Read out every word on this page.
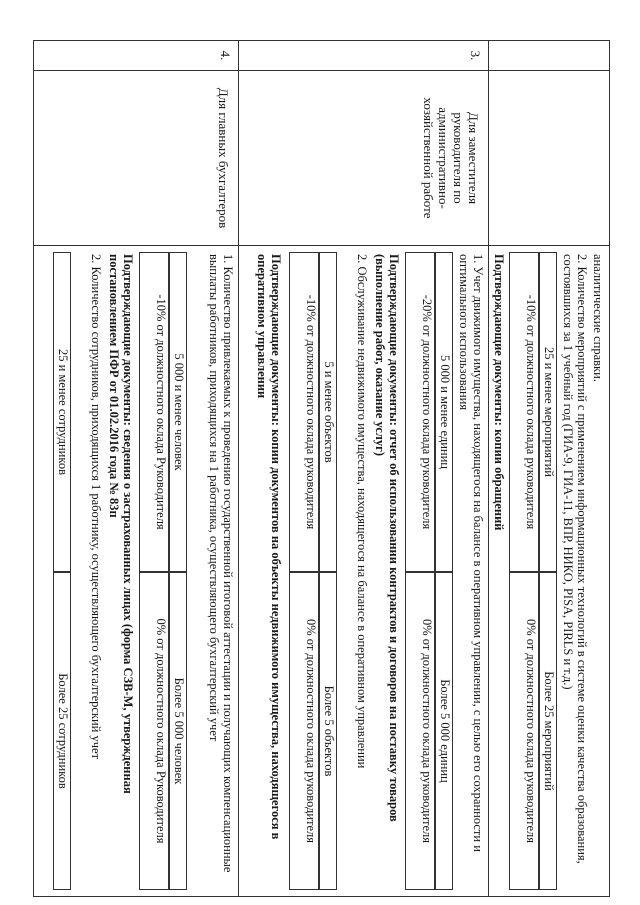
аналитические справки.
2. Количество мероприятий с применением информационных технологий в системе оценки качества образования, состоявшихся за 1 учебный год (ГИА-9, ГИА-11, ВПР, НИКО, PISA, PIRLS и т.д.)
25 и менее мероприятий
Более 25 мероприятий
-10% от должностного оклада руководителя
0% от должностного оклада руководителя
Подтверждающие документы: копии обращений
3.
Для заместителя руководителя по административно-хозяйственной работе
1. Учет движимого имущества, находящегося на балансе в оперативном управлении, с целью его сохранности и оптимального использования
5 000 и менее единиц
Более 5 000 единиц
-20% от должностного оклада руководителя
0% от должностного оклада руководителя
Подтверждающие документы: отчет об использовании контрактов и договоров на поставку товаров (выполнение работ, оказание услуг)
2. Обслуживание недвижимого имущества, находящегося на балансе в оперативном управлении
5 и менее объектов
Более 5 объектов
-10% от должностного оклада руководителя
0% от должностного оклада руководителя
Подтверждающие документы: копии документов на объекты недвижимого имущества, находящегося в оперативном управлении
4.
Для главных бухгалтеров
1. Количество привлекаемых к проведению государственной итоговой аттестации и получающих компенсационные выплаты работников, приходящихся на 1 работника, осуществляющего бухгалтерский учет
5 000 и менее человек
Более 5 000 человек
-10% от должностного оклада Руководителя
0% от должностного оклада Руководителя
Подтверждающие документы: сведения о застрахованных лицах (форма СЗВ-М, утвержденная постановлением ПФР от 01.02.2016 года № 83п
2. Количество сотрудников, приходящихся 1 работнику, осуществляющего бухгалтерский учет
25 и менее сотрудников
Более 25 сотрудников
